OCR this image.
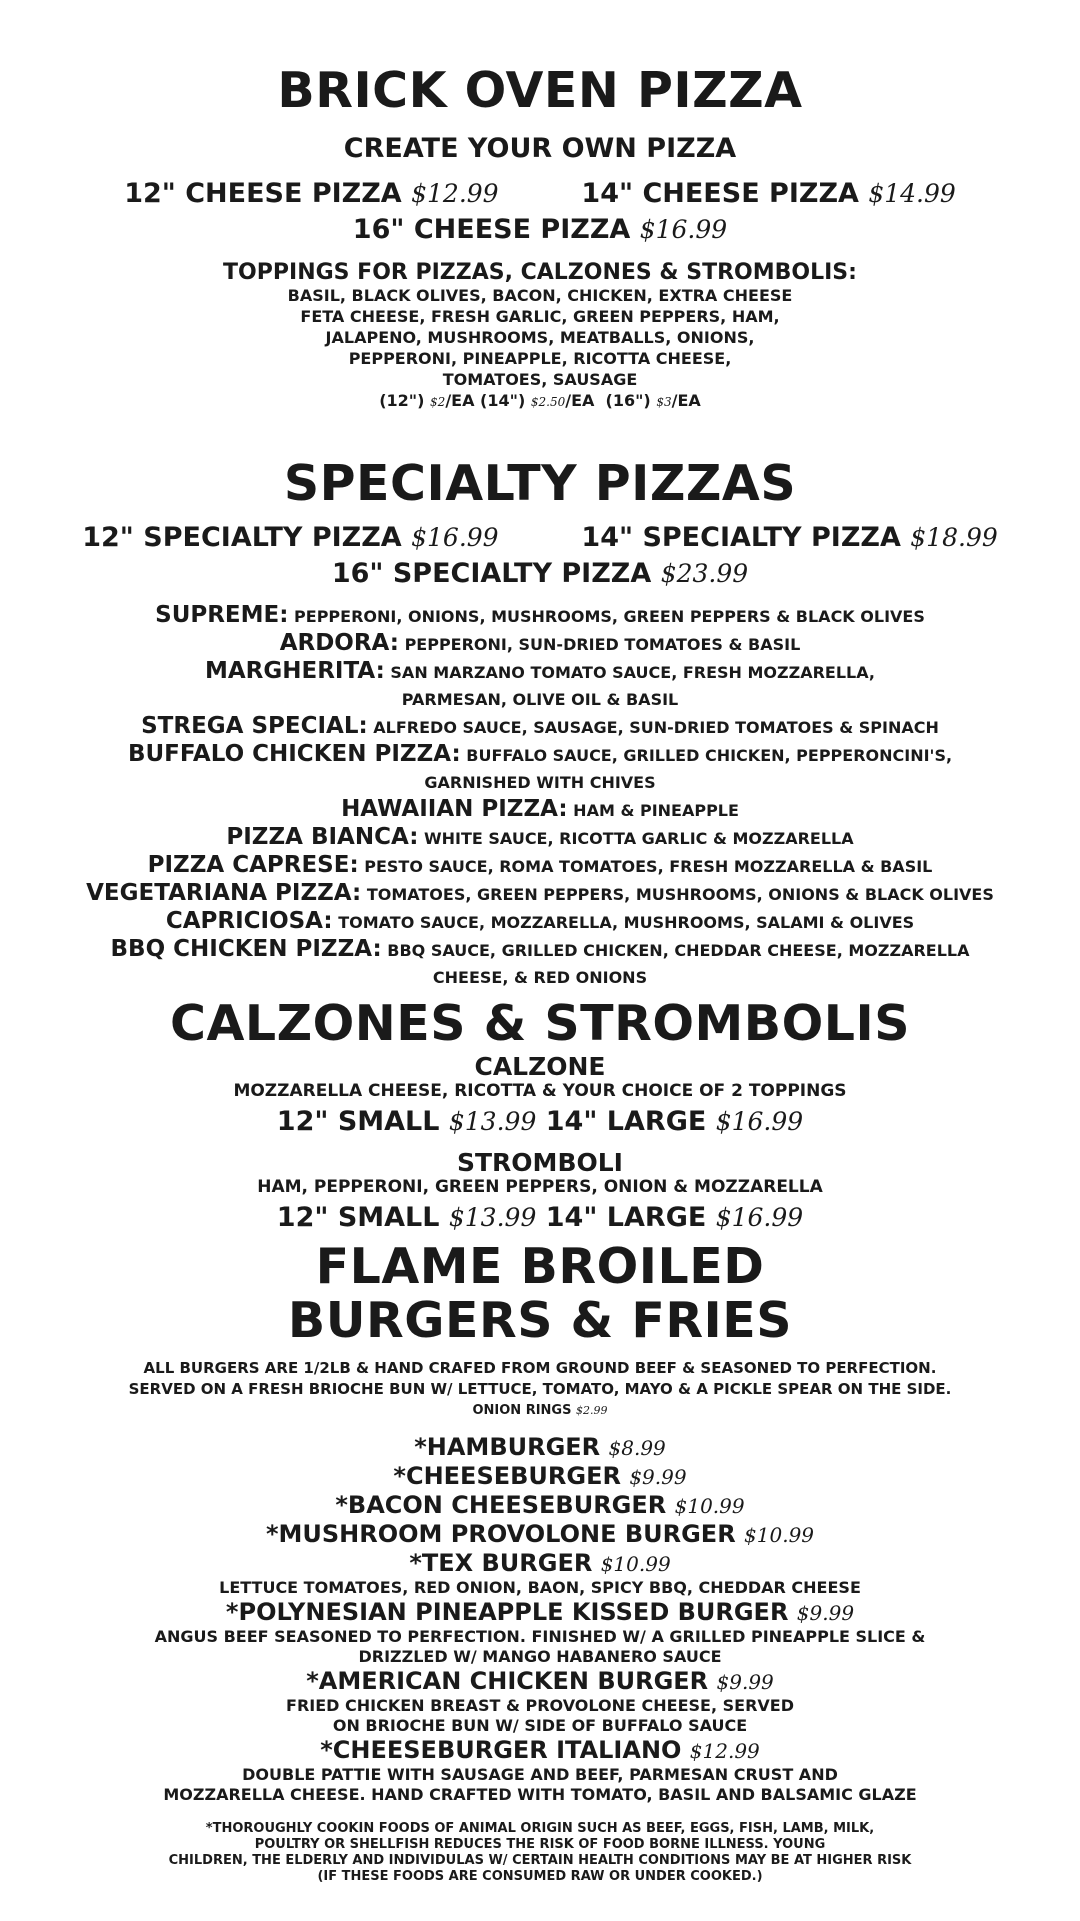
BRICK OVEN PIZZA
CREATE YOUR OWN PIZZA
12" CHEESE PIZZA $12.99	14" CHEESE PIZZA $14.99
16" CHEESE PIZZA $16.99
TOPPINGS FOR PIZZAS, CALZONES & STROMBOLIS:
BASIL, BLACK OLIVES, BACON, CHICKEN, EXTRA CHEESE
FETA CHEESE, FRESH GARLIC, GREEN PEPPERS, HAM,
JALAPENO, MUSHROOMS, MEATBALLS, ONIONS,
PEPPERONI, PINEAPPLE, RICOTTA CHEESE,
TOMATOES, SAUSAGE
(12") $2/EA (14") $2.50/EA (16") $3/EA
SPECIALTY PIZZAS
12" SPECIALTY PIZZA $16.99	14" SPECIALTY PIZZA $18.99
16" SPECIALTY PIZZA $23.99
SUPREME: PEPPERONI, ONIONS, MUSHROOMS, GREEN PEPPERS & BLACK OLIVES
ARDORA: PEPPERONI, SUN-DRIED TOMATOES & BASIL
MARGHERITA: SAN MARZANO TOMATO SAUCE, FRESH MOZZARELLA,
PARMESAN, OLIVE OIL & BASIL
STREGA SPECIAL: ALFREDO SAUCE, SAUSAGE, SUN-DRIED TOMATOES & SPINACH
BUFFALO CHICKEN PIZZA: BUFFALO SAUCE, GRILLED CHICKEN, PEPPERONCINI'S,
GARNISHED WITH CHIVES
HAWAIIAN PIZZA: HAM & PINEAPPLE
PIZZA BIANCA: WHITE SAUCE, RICOTTA GARLIC & MOZZARELLA
PIZZA CAPRESE: PESTO SAUCE, ROMA TOMATOES, FRESH MOZZARELLA & BASIL
VEGETARIANA PIZZA: TOMATOES, GREEN PEPPERS, MUSHROOMS, ONIONS & BLACK OLIVES
CAPRICIOSA: TOMATO SAUCE, MOZZARELLA, MUSHROOMS, SALAMI & OLIVES
BBQ CHICKEN PIZZA: BBQ SAUCE, GRILLED CHICKEN, CHEDDAR CHEESE, MOZZARELLA
CHEESE, & RED ONIONS
CALZONES & STROMBOLIS
CALZONE
MOZZARELLA CHEESE, RICOTTA & YOUR CHOICE OF 2 TOPPINGS
12" SMALL $13.99 14" LARGE $16.99
STROMBOLI
HAM, PEPPERONI, GREEN PEPPERS, ONION & MOZZARELLA
12" SMALL $13.99 14" LARGE $16.99
FLAME BROILED
BURGERS & FRIES
ALL BURGERS ARE 1/2LB & HAND CRAFED FROM GROUND BEEF & SEASONED TO PERFECTION.
SERVED ON A FRESH BRIOCHE BUN W/ LETTUCE, TOMATO, MAYO & A PICKLE SPEAR ON THE SIDE.
ONION RINGS $2.99
*HAMBURGER $8.99
*CHEESEBURGER $9.99
*BACON CHEESEBURGER $10.99
*MUSHROOM PROVOLONE BURGER $10.99
*TEX BURGER $10.99
LETTUCE TOMATOES, RED ONION, BAON, SPICY BBQ, CHEDDAR CHEESE
*POLYNESIAN PINEAPPLE KISSED BURGER $9.99
ANGUS BEEF SEASONED TO PERFECTION. FINISHED W/ A GRILLED PINEAPPLE SLICE &
DRIZZLED W/ MANGO HABANERO SAUCE
*AMERICAN CHICKEN BURGER $9.99
FRIED CHICKEN BREAST & PROVOLONE CHEESE, SERVED
ON BRIOCHE BUN W/ SIDE OF BUFFALO SAUCE
*CHEESEBURGER ITALIANO $12.99
DOUBLE PATTIE WITH SAUSAGE AND BEEF, PARMESAN CRUST AND
MOZZARELLA CHEESE. HAND CRAFTED WITH TOMATO, BASIL AND BALSAMIC GLAZE
*THOROUGHLY COOKIN FOODS OF ANIMAL ORIGIN SUCH AS BEEF, EGGS, FISH, LAMB, MILK,
POULTRY OR SHELLFISH REDUCES THE RISK OF FOOD BORNE ILLNESS. YOUNG
CHILDREN, THE ELDERLY AND INDIVIDULAS W/ CERTAIN HEALTH CONDITIONS MAY BE AT HIGHER RISK
(IF THESE FOODS ARE CONSUMED RAW OR UNDER COOKED.)
